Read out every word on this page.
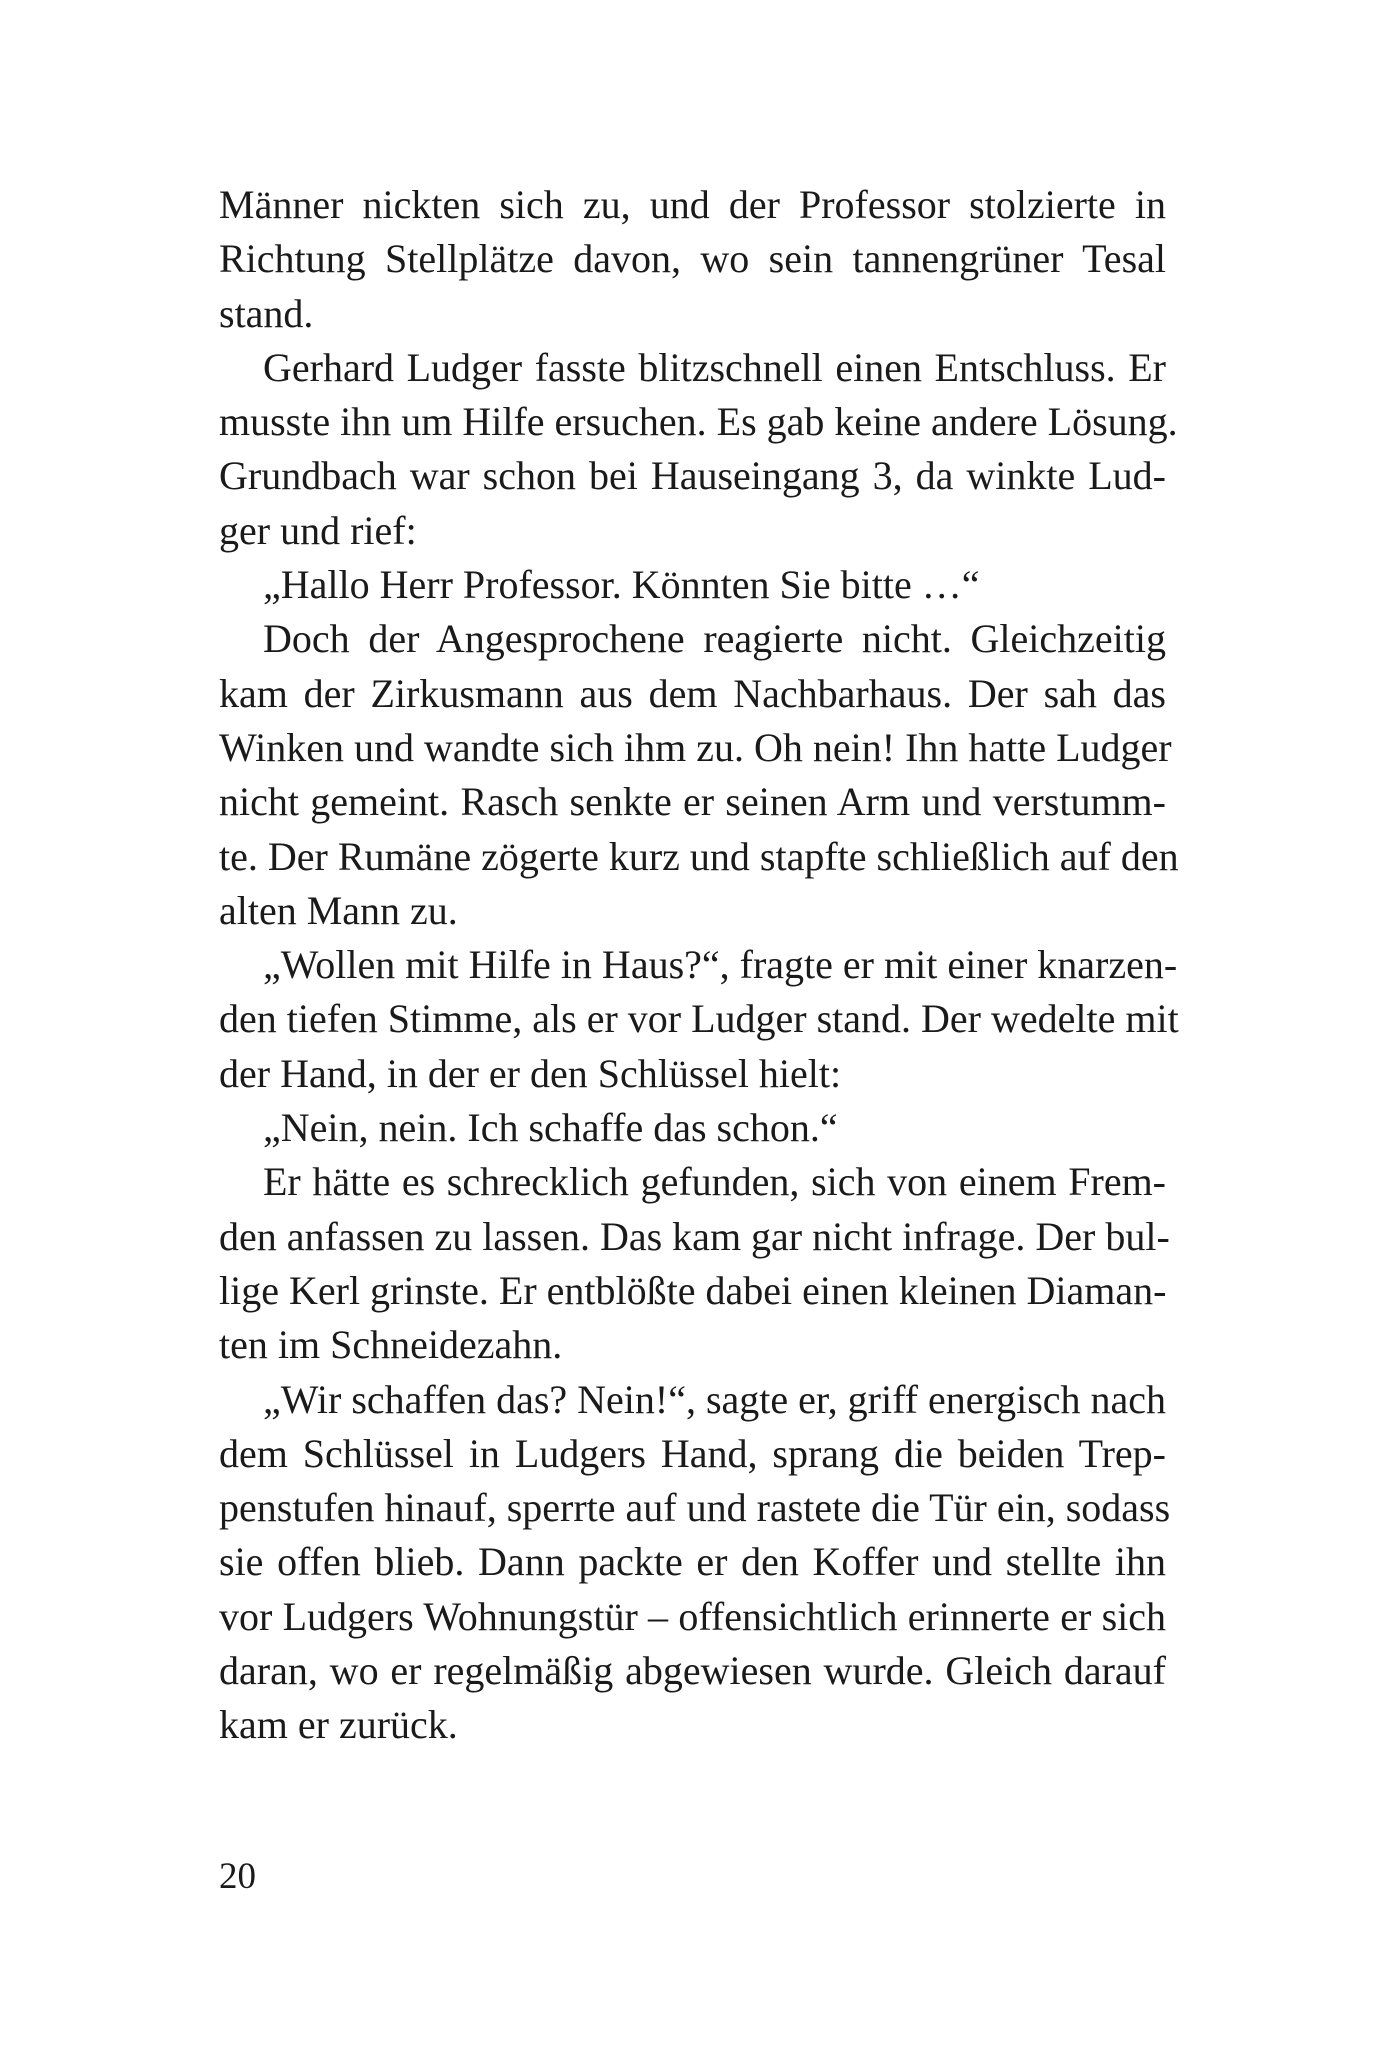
Männer nickten sich zu, und der Professor stolzierte in
Richtung Stellplätze davon, wo sein tannengrüner Tesal
stand.
Gerhard Ludger fasste blitzschnell einen Entschluss. Er
musste ihn um Hilfe ersuchen. Es gab keine andere Lösung.
Grundbach war schon bei Hauseingang 3, da winkte Lud-
ger und rief:
„Hallo Herr Professor. Könnten Sie bitte …“
Doch der Angesprochene reagierte nicht. Gleichzeitig
kam der Zirkusmann aus dem Nachbarhaus. Der sah das
Winken und wandte sich ihm zu. Oh nein! Ihn hatte Ludger
nicht gemeint. Rasch senkte er seinen Arm und verstumm-
te. Der Rumäne zögerte kurz und stapfte schließlich auf den
alten Mann zu.
„Wollen mit Hilfe in Haus?“, fragte er mit einer knarzen-
den tiefen Stimme, als er vor Ludger stand. Der wedelte mit
der Hand, in der er den Schlüssel hielt:
„Nein, nein. Ich schaffe das schon.“
Er hätte es schrecklich gefunden, sich von einem Frem-
den anfassen zu lassen. Das kam gar nicht infrage. Der bul-
lige Kerl grinste. Er entblößte dabei einen kleinen Diaman-
ten im Schneidezahn.
„Wir schaffen das? Nein!“, sagte er, griff energisch nach
dem Schlüssel in Ludgers Hand, sprang die beiden Trep-
penstufen hinauf, sperrte auf und rastete die Tür ein, sodass
sie offen blieb. Dann packte er den Koffer und stellte ihn
vor Ludgers Wohnungstür – offensichtlich erinnerte er sich
daran, wo er regelmäßig abgewiesen wurde. Gleich darauf
kam er zurück.
20
